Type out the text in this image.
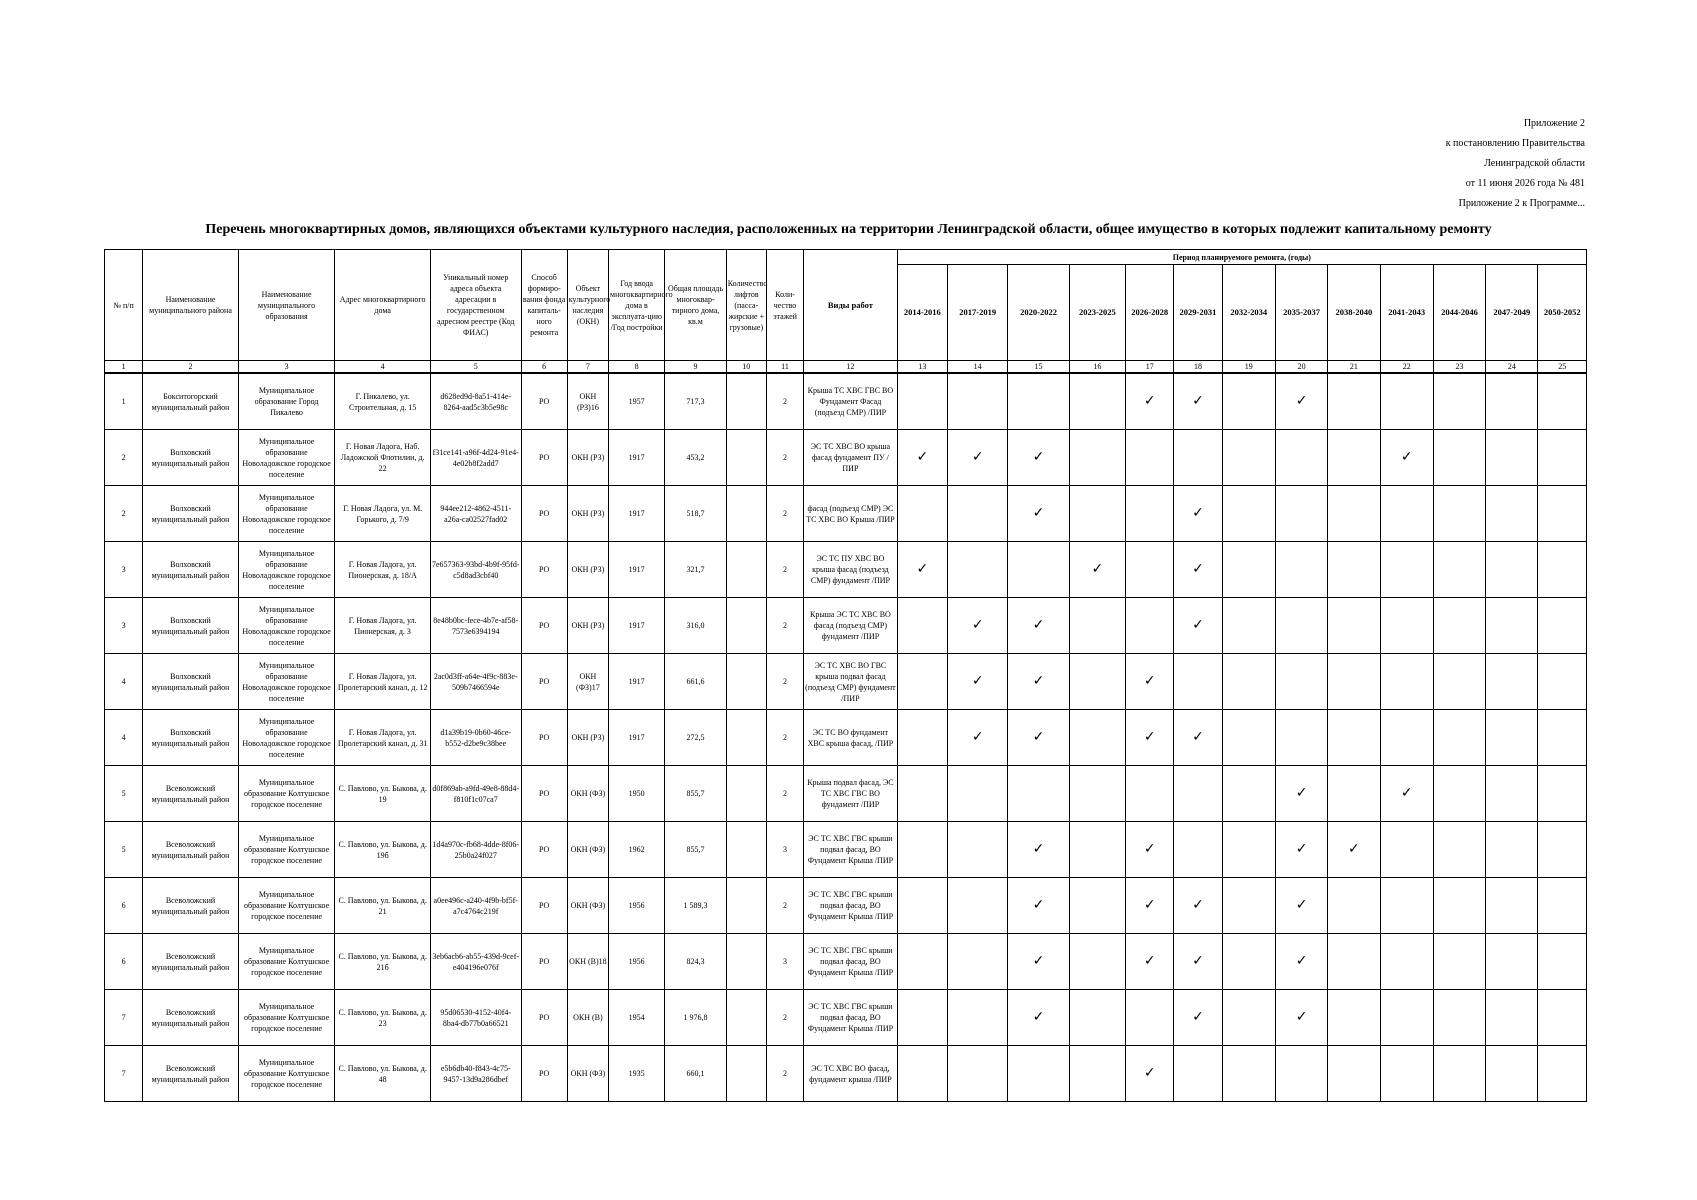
Приложение 2
к постановлению Правительства
Ленинградской области
от 11 июня 2026 года № 481
Приложение 2 к Программе...
Перечень многоквартирных домов, являющихся объектами культурного наследия, расположенных на территории Ленинградской области, общее имущество в которых подлежит капитальному ремонту
№ п/п	Наименование муниципального района	Наименование муниципального образования	Адрес многоквартирного дома	Уникальный номер адреса объекта адресации в государственном адресном реестре (Код ФИАС)	Способ формиро-вания фонда капиталь-ного ремонта	Объект культурного наследия (ОКН)	Год ввода многоквартирного дома в эксплуата-цию /Год постройки	Общая площадь многоквар-тирного дома, кв.м	Количество лифтов (пасса-жирские + грузовые)	Коли-чество этажей	Виды работ	Период планируемого ремонта, (годы)												
												2014-2016	2017-2019	2020-2022	2023-2025	2026-2028	2029-2031	2032-2034	2035-2037	2038-2040	2041-2043	2044-2046	2047-2049	2050-2052
1	2	3	4	5	6	7	8	9	10	11	12	13	14	15	16	17	18	19	20	21	22	23	24	25
1	Бокситогорский муниципальный район	Муниципальное образование Город Пикалево	Г. Пикалево, ул. Строительная, д. 15	d628ed9d-8a51-414e-8264-aad5c3b5e98c	РО	ОКН (РЗ)16	1957	717,3		2	Крыша ТС ХВС ГВС ВО Фундамент Фасад (подъезд СМР) /ПИР					✓	✓		✓					
2	Волховский муниципальный район	Муниципальное образование Новоладожское городское поселение	Г. Новая Ладога, Наб. Ладожской Флотилии, д. 22	f31ce141-a96f-4d24-91e4-4e02b8f2add7	РО	ОКН (РЗ)	1917	453,2		2	ЭС ТС ХВС ВО крыша фасад фундамент ПУ /ПИР	✓	✓	✓							✓			
2	Волховский муниципальный район	Муниципальное образование Новоладожское городское поселение	Г. Новая Ладога, ул. М. Горького, д. 7/9	944ee212-4862-4511-a26a-ca02527fad02	РО	ОКН (РЗ)	1917	518,7		2	фасад (подъезд СМР) ЭС ТС ХВС ВО Крыша /ПИР			✓			✓							
3	Волховский муниципальный район	Муниципальное образование Новоладожское городское поселение	Г. Новая Ладога, ул. Пионерская, д. 18/А	7e657363-93bd-4b9f-95fd-c5d8ad3cbf40	РО	ОКН (РЗ)	1917	321,7		2	ЭС ТС ПУ ХВС ВО крыша фасад (подъезд СМР) фундамент /ПИР	✓			✓		✓							
3	Волховский муниципальный район	Муниципальное образование Новоладожское городское поселение	Г. Новая Ладога, ул. Пионерская, д. 3	8e48b0bc-fece-4b7e-af58-7573e6394194	РО	ОКН (РЗ)	1917	316,0		2	Крыша ЭС ТС ХВС ВО фасад (подъезд СМР) фундамент /ПИР		✓	✓			✓							
4	Волховский муниципальный район	Муниципальное образование Новоладожское городское поселение	Г. Новая Ладога, ул. Пролетарский канал, д. 12	2ac0d3ff-a64e-4f9c-883e-509b7466594e	РО	ОКН (ФЗ)17	1917	661,6		2	ЭС ТС ХВС ВО ГВС крыша подвал фасад (подъезд СМР) фундамент /ПИР		✓	✓		✓								
4	Волховский муниципальный район	Муниципальное образование Новоладожское городское поселение	Г. Новая Ладога, ул. Пролетарский канал, д. 31	d1a39b19-0b60-46ce-b552-d2be9c38bee	РО	ОКН (РЗ)	1917	272,5		2	ЭС ТС ВО фундамент ХВС крыша фасад, /ПИР		✓	✓		✓	✓							
5	Всеволожский муниципальный район	Муниципальное образование Колтушское городское поселение	С. Павлово, ул. Быкова, д. 19	d0f869ab-a9fd-49e8-88d4-f810f1c07ca7	РО	ОКН (ФЗ)	1950	855,7		2	Крыша подвал фасад, ЭС ТС ХВС ГВС ВО фундамент /ПИР								✓		✓			
5	Всеволожский муниципальный район	Муниципальное образование Колтушское городское поселение	С. Павлово, ул. Быкова, д. 19б	1d4a970c-fb68-4dde-8f06-25b0a24f027	РО	ОКН (ФЗ)	1962	855,7		3	ЭС ТС ХВС ГВС крыши подвал фасад, ВО Фундамент Крыша /ПИР			✓		✓			✓	✓				
6	Всеволожский муниципальный район	Муниципальное образование Колтушское городское поселение	С. Павлово, ул. Быкова, д. 21	a0ee496c-a240-4f9b-bf5f-a7c4764c219f	РО	ОКН (ФЗ)	1956	1 589,3		2	ЭС ТС ХВС ГВС крыши подвал фасад, ВО Фундамент Крыша /ПИР			✓		✓	✓		✓					
6	Всеволожский муниципальный район	Муниципальное образование Колтушское городское поселение	С. Павлово, ул. Быкова, д. 21б	3eb6acb6-ab55-439d-9cef-e404196e076f	РО	ОКН (В)18	1956	824,3		3	ЭС ТС ХВС ГВС крыши подвал фасад, ВО Фундамент Крыша /ПИР			✓		✓	✓		✓					
7	Всеволожский муниципальный район	Муниципальное образование Колтушское городское поселение	С. Павлово, ул. Быкова, д. 23	95d06530-4152-40f4-8ba4-db77b0a66521	РО	ОКН (В)	1954	1 976,8		2	ЭС ТС ХВС ГВС крыши подвал фасад, ВО Фундамент Крыша /ПИР			✓			✓		✓					
7	Всеволожский муниципальный район	Муниципальное образование Колтушское городское поселение	С. Павлово, ул. Быкова, д. 48	e5b6db40-f843-4c75-9457-13d9a286dbef	РО	ОКН (ФЗ)	1935	660,1		2	ЭС ТС ХВС ВО фасад, фундамент крыша /ПИР					✓								
